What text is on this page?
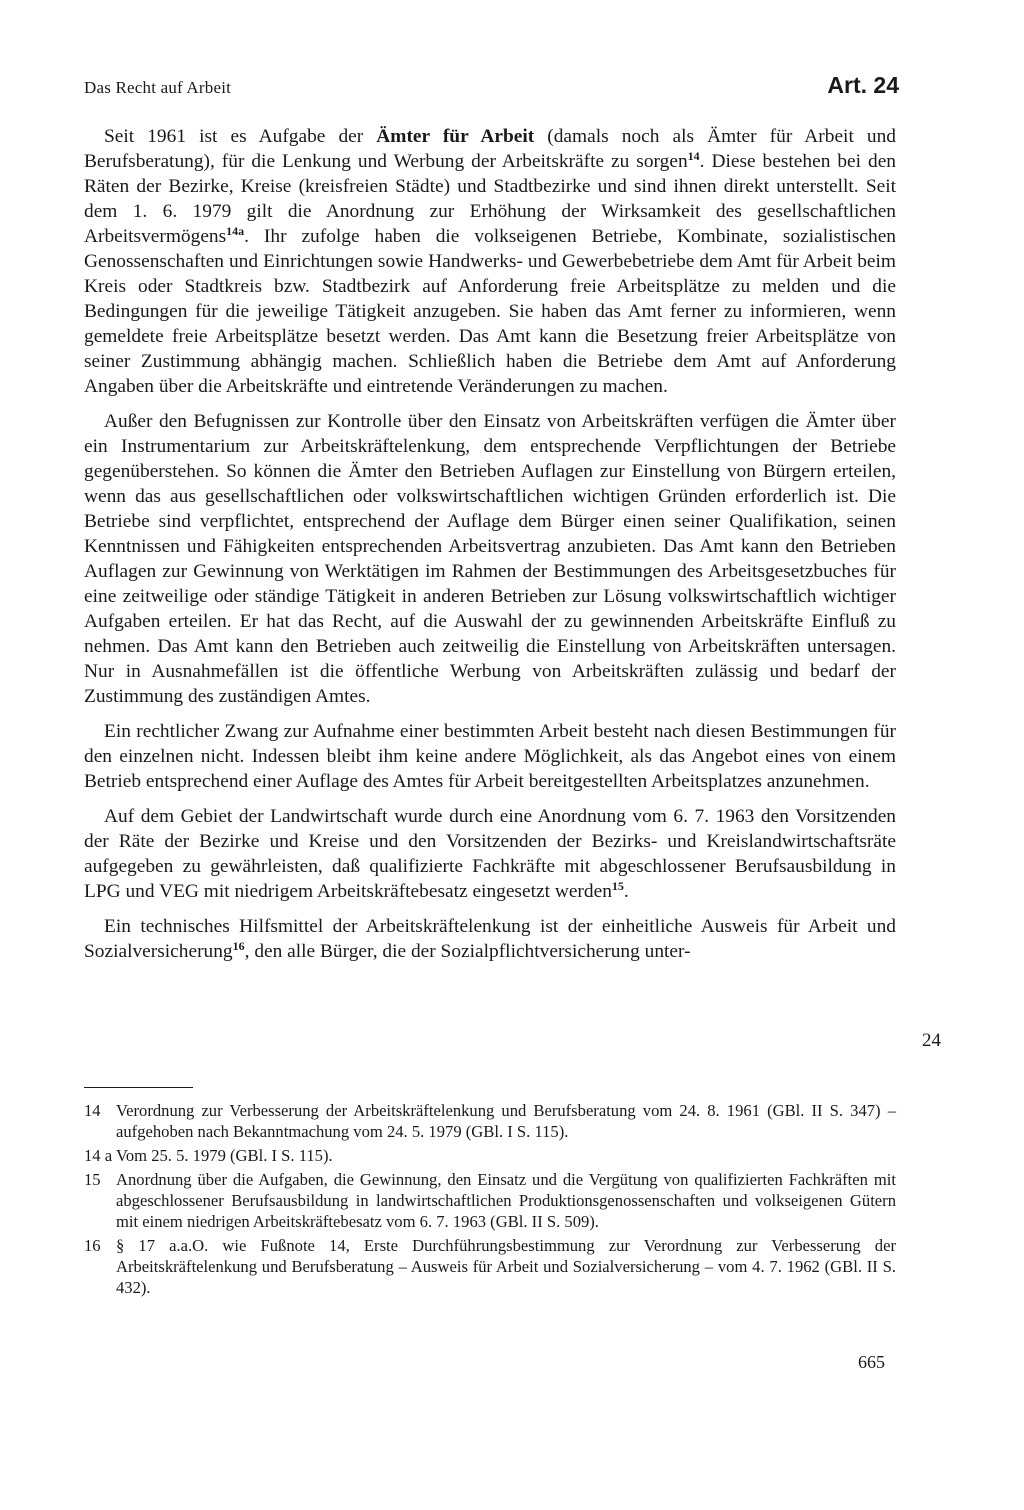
Das Recht auf Arbeit	Art. 24

Seit 1961 ist es Aufgabe der Ämter für Arbeit (damals noch als Ämter für Arbeit und Berufsberatung), für die Lenkung und Werbung der Arbeitskräfte zu sorgen$^{14}$. Diese bestehen bei den Räten der Bezirke, Kreise (kreisfreien Städte) und Stadtbezirke und sind ihnen direkt unterstellt. Seit dem 1. 6. 1979 gilt die Anordnung zur Erhöhung der Wirksamkeit des gesellschaftlichen Arbeitsvermögens$^{14a}$. Ihr zufolge haben die volkseigenen Betriebe, Kombinate, sozialistischen Genossenschaften und Einrichtungen sowie Handwerks- und Gewerbebetriebe dem Amt für Arbeit beim Kreis oder Stadtkreis bzw. Stadtbezirk auf Anforderung freie Arbeitsplätze zu melden und die Bedingungen für die jeweilige Tätigkeit anzugeben. Sie haben das Amt ferner zu informieren, wenn gemeldete freie Arbeitsplätze besetzt werden. Das Amt kann die Besetzung freier Arbeitsplätze von seiner Zustimmung abhängig machen. Schließlich haben die Betriebe dem Amt auf Anforderung Angaben über die Arbeitskräfte und eintretende Veränderungen zu machen.

Außer den Befugnissen zur Kontrolle über den Einsatz von Arbeitskräften verfügen die Ämter über ein Instrumentarium zur Arbeitskräftelenkung, dem entsprechende Verpflichtungen der Betriebe gegenüberstehen. So können die Ämter den Betrieben Auflagen zur Einstellung von Bürgern erteilen, wenn das aus gesellschaftlichen oder volkswirtschaftlichen wichtigen Gründen erforderlich ist. Die Betriebe sind verpflichtet, entsprechend der Auflage dem Bürger einen seiner Qualifikation, seinen Kenntnissen und Fähigkeiten entsprechenden Arbeitsvertrag anzubieten. Das Amt kann den Betrieben Auflagen zur Gewinnung von Werktätigen im Rahmen der Bestimmungen des Arbeitsgesetzbuches für eine zeitweilige oder ständige Tätigkeit in anderen Betrieben zur Lösung volkswirtschaftlich wichtiger Aufgaben erteilen. Er hat das Recht, auf die Auswahl der zu gewinnenden Arbeitskräfte Einfluß zu nehmen. Das Amt kann den Betrieben auch zeitweilig die Einstellung von Arbeitskräften untersagen. Nur in Ausnahmefällen ist die öffentliche Werbung von Arbeitskräften zulässig und bedarf der Zustimmung des zuständigen Amtes.

Ein rechtlicher Zwang zur Aufnahme einer bestimmten Arbeit besteht nach diesen Bestimmungen für den einzelnen nicht. Indessen bleibt ihm keine andere Möglichkeit, als das Angebot eines von einem Betrieb entsprechend einer Auflage des Amtes für Arbeit bereitgestellten Arbeitsplatzes anzunehmen.

Auf dem Gebiet der Landwirtschaft wurde durch eine Anordnung vom 6. 7. 1963 den Vorsitzenden der Räte der Bezirke und Kreise und den Vorsitzenden der Bezirks- und Kreislandwirtschaftsräte aufgegeben zu gewährleisten, daß qualifizierte Fachkräfte mit abgeschlossener Berufsausbildung in LPG und VEG mit niedrigem Arbeitskräftebesatz eingesetzt werden$^{15}$.

Ein technisches Hilfsmittel der Arbeitskräftelenkung ist der einheitliche Ausweis für Arbeit und Sozialversicherung$^{16}$, den alle Bürger, die der Sozialpflichtversicherung unter-

24
14 Verordnung zur Verbesserung der Arbeitskräftelenkung und Berufsberatung vom 24. 8. 1961 (GBl. II S. 347) – aufgehoben nach Bekanntmachung vom 24. 5. 1979 (GBl. I S. 115).
14 a Vom 25. 5. 1979 (GBl. I S. 115).
15 Anordnung über die Aufgaben, die Gewinnung, den Einsatz und die Vergütung von qualifizierten Fachkräften mit abgeschlossener Berufsausbildung in landwirtschaftlichen Produktionsgenossenschaften und volkseigenen Gütern mit einem niedrigen Arbeitskräftebesatz vom 6. 7. 1963 (GBl. II S. 509).
16 § 17 a.a.O. wie Fußnote 14, Erste Durchführungsbestimmung zur Verordnung zur Verbesserung der Arbeitskräftelenkung und Berufsberatung – Ausweis für Arbeit und Sozialversicherung – vom 4. 7. 1962 (GBl. II S. 432).
665
